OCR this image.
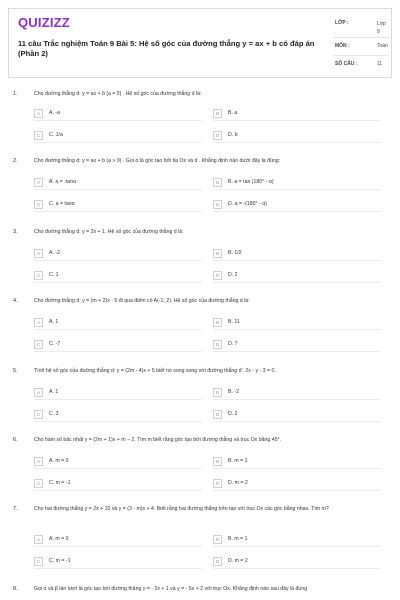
QUIZIZZ
11 câu Trắc nghiệm Toán 9 Bài 5: Hệ số góc của đường thẳng y = ax + b có đáp án (Phần 2)
LỚP :	Lớp 9
MÔN :	Toán
SỐ CÂU :	11
1.	Cho đường thẳng d: y = ax + b (a ≠ 0) . Hệ số góc của đường thẳng d là:
A	A. -a	B	B. a
C	C. 1/a	D	D. b
2.	Cho đường thẳng d: y = ax + b (a > 0) . Gọi α là góc tạo bởi tia Ox và d . Khẳng định nào dưới đây là đúng:
A	A. a = -tanα	B	B. a = tan (180° - α)
C	C. a = tanα	D	D. a = -(180° - α)
3.	Cho đường thẳng d: y = 2x + 1. Hệ số góc của đường thẳng d là:
A	A. -2	B	B. 1/2
C	C. 1	D	D. 2
4.	Cho đường thẳng d: y = (m + 2)x - 5 đi qua điểm có A(-1; 2). Hệ số góc của đường thẳng d là:
A	A. 1	B	B. 11
C	C. -7	D	D. 7
5.	Tính hệ số góc của đường thẳng d: y = (2m - 4)x + 5 biết nó song song với đường thẳng d': 2x - y - 3 = 0.
A	A. 1	B	B. -2
C	C. 3	D	D. 2
6.	Cho hàm số bậc nhất y = (2m + 1)x + m − 2. Tìm m biết rằng góc tạo bởi đường thẳng và trục Ox bằng 45°.
A	A. m = 0	B	B. m = 1
C	C. m = -1	D	D. m = 2
7.	Cho hai đường thẳng y = 2x + 10 và y = (3 - m)x + 4. Biết rằng hai đường thẳng trên tạo với trục Ox các góc bằng nhau. Tìm m?
A	A. m = 0	B	B. m = 1
C	C. m = -1	D	D. m = 2
8.	Gọi α và β lần lượt là góc tạo bởi đường thẳng y = - 2x + 1 và y = - 5x + 2 với trục Ox. Khẳng định nào sau đây là đúng
